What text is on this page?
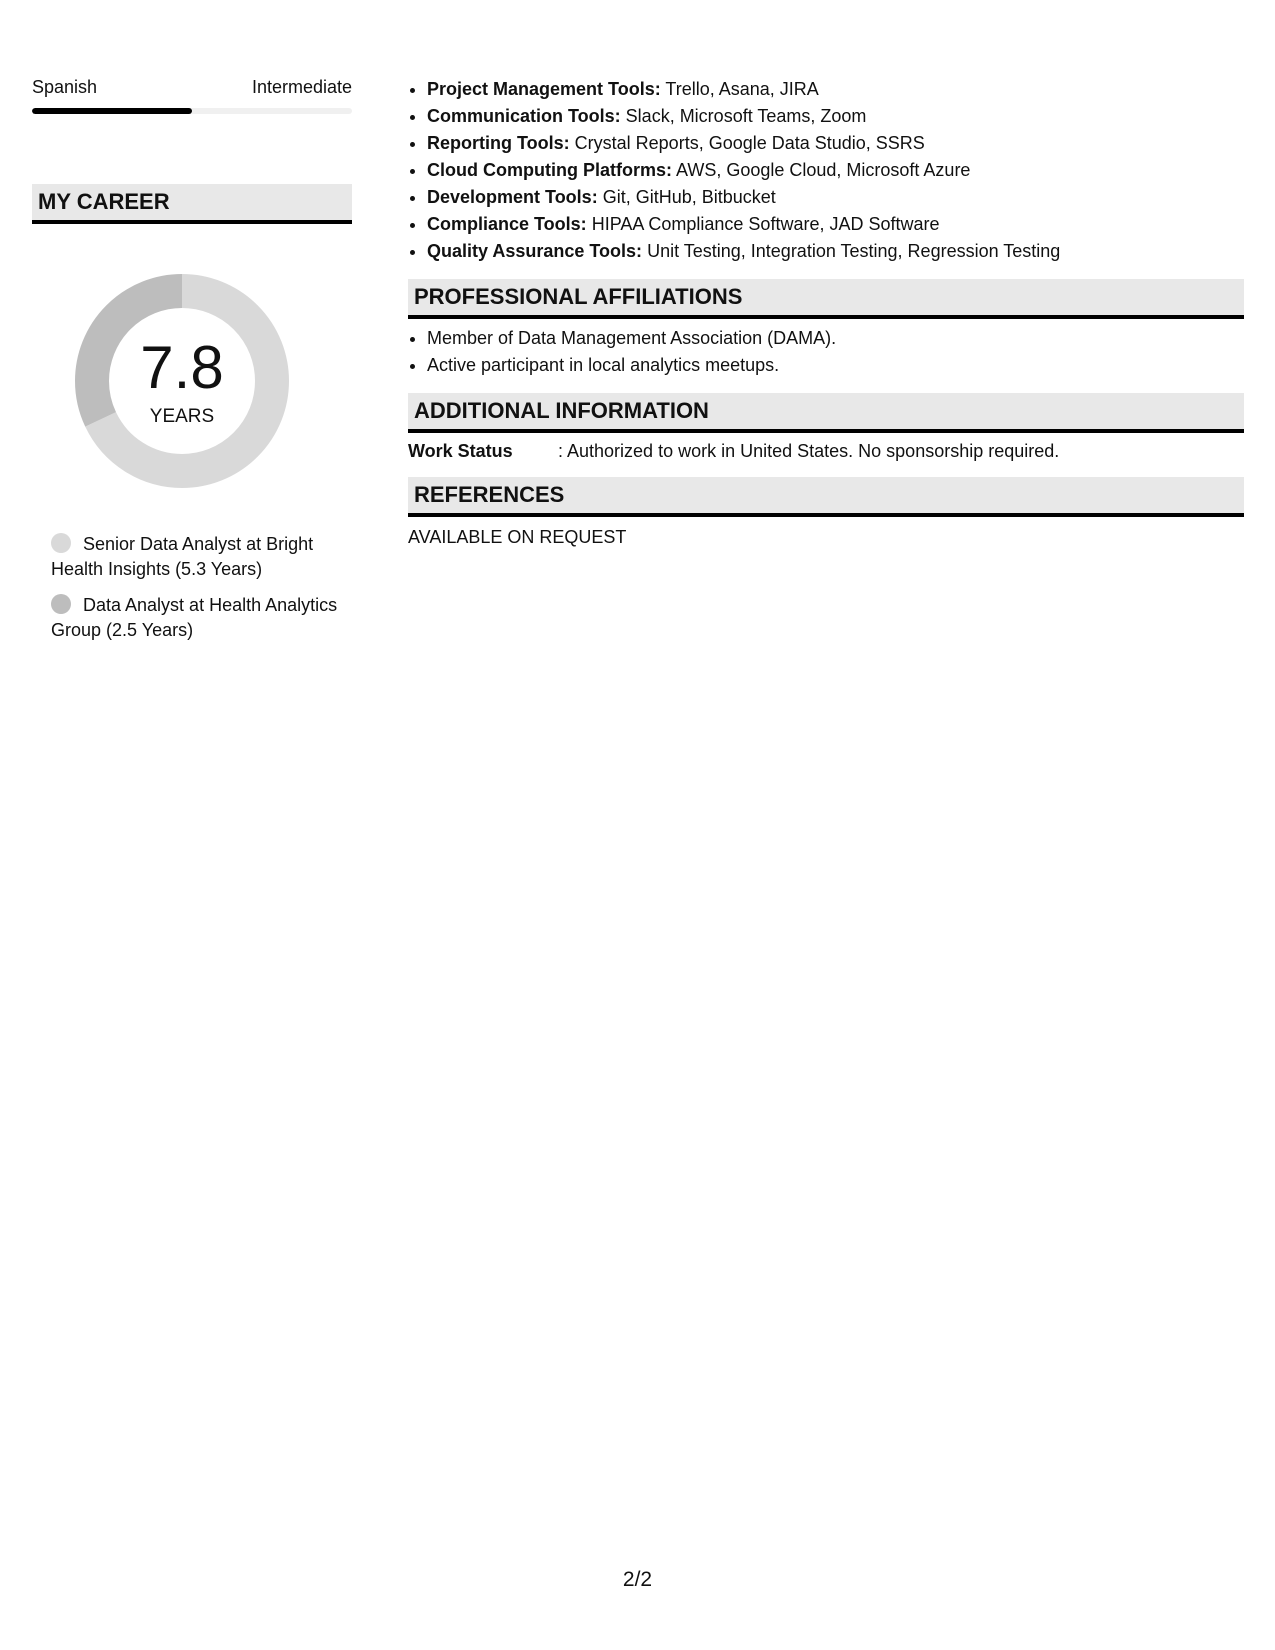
Spanish	Intermediate
MY CAREER
7.8
YEARS
Senior Data Analyst at Bright Health Insights (5.3 Years)
Data Analyst at Health Analytics Group (2.5 Years)
• Project Management Tools: Trello, Asana, JIRA
• Communication Tools: Slack, Microsoft Teams, Zoom
• Reporting Tools: Crystal Reports, Google Data Studio, SSRS
• Cloud Computing Platforms: AWS, Google Cloud, Microsoft Azure
• Development Tools: Git, GitHub, Bitbucket
• Compliance Tools: HIPAA Compliance Software, JAD Software
• Quality Assurance Tools: Unit Testing, Integration Testing, Regression Testing
PROFESSIONAL AFFILIATIONS
• Member of Data Management Association (DAMA).
• Active participant in local analytics meetups.
ADDITIONAL INFORMATION
Work Status	: Authorized to work in United States. No sponsorship required.
REFERENCES
AVAILABLE ON REQUEST
2/2
